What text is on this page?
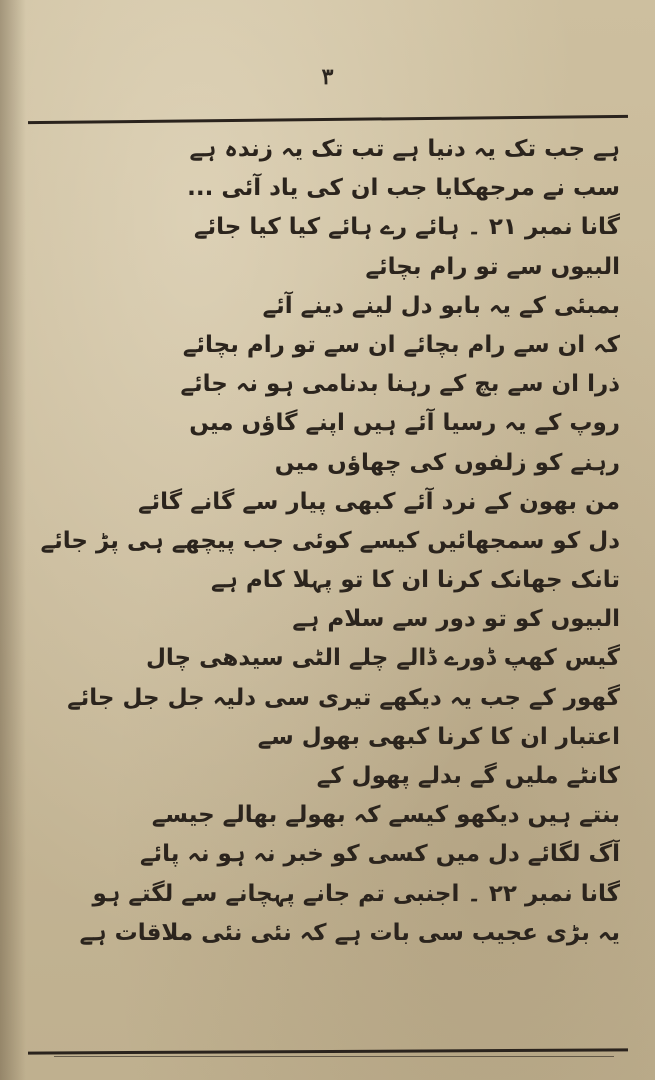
۳
ہے جب تک یہ دنیا ہے تب تک یہ زندہ ہے
سب نے مرجھکایا جب ان کی یاد آئی ...
گانا نمبر ۲۱ ۔ ہائے رے ہائے کیا کیا جائے
البیوں سے تو رام بچائے
بمبئی کے یہ بابو دل لینے دینے آئے
کہ ان سے رام بچائے ان سے تو رام بچائے
ذرا ان سے بچ کے رہنا بدنامی ہو نہ جائے
روپ کے یہ رسیا آئے ہیں اپنے گاؤں میں
رہنے کو زلفوں کی چھاؤں میں
من بھون کے نرد آئے کبھی پیار سے گانے گائے
دل کو سمجھائیں کیسے کوئی جب پیچھے ہی پڑ جائے
تانک جھانک کرنا ان کا تو پہلا کام ہے
البیوں کو تو دور سے سلام ہے
گیس کھپ ڈورے ڈالے چلے الٹی سیدھی چال
گھور کے جب یہ دیکھے تیری سی دلیہ جل جل جائے
اعتبار ان کا کرنا کبھی بھول سے
کانٹے ملیں گے بدلے پھول کے
بنتے ہیں دیکھو کیسے کہ بھولے بھالے جیسے
آگ لگائے دل میں کسی کو خبر نہ ہو نہ پائے
گانا نمبر ۲۲ ۔ اجنبی تم جانے پہچانے سے لگتے ہو
یہ بڑی عجیب سی بات ہے کہ نئی نئی ملاقات ہے
